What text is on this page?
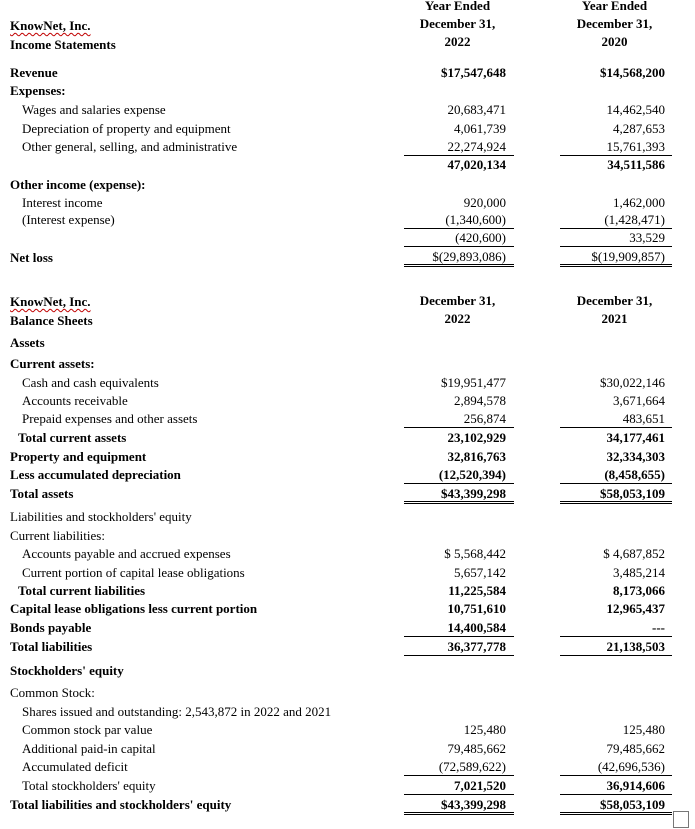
Year Ended
December 31,
2022
Year Ended
December 31,
2020
KnowNet, Inc.
Income Statements
Revenue	$17,547,648	$14,568,200
Expenses:
Wages and salaries expense	20,683,471	14,462,540
Depreciation of property and equipment	4,061,739	4,287,653
Other general, selling, and administrative	22,274,924	15,761,393
47,020,134	34,511,586
Other income (expense):
Interest income	920,000	1,462,000
(Interest expense)	(1,340,600)	(1,428,471)
(420,600)	33,529
Net loss	$(29,893,086)	$(19,909,857)
December 31,
2022
December 31,
2021
KnowNet, Inc.
Balance Sheets
Assets
Current assets:
Cash and cash equivalents	$19,951,477	$30,022,146
Accounts receivable	2,894,578	3,671,664
Prepaid expenses and other assets	256,874	483,651
Total current assets	23,102,929	34,177,461
Property and equipment	32,816,763	32,334,303
Less accumulated depreciation	(12,520,394)	(8,458,655)
Total assets	$43,399,298	$58,053,109
Liabilities and stockholders' equity
Current liabilities:
Accounts payable and accrued expenses	$ 5,568,442	$ 4,687,852
Current portion of capital lease obligations	5,657,142	3,485,214
Total current liabilities	11,225,584	8,173,066
Capital lease obligations less current portion	10,751,610	12,965,437
Bonds payable	14,400,584	---
Total liabilities	36,377,778	21,138,503
Stockholders' equity
Common Stock:
Shares issued and outstanding: 2,543,872 in 2022 and 2021
Common stock par value	125,480	125,480
Additional paid-in capital	79,485,662	79,485,662
Accumulated deficit	(72,589,622)	(42,696,536)
Total stockholders' equity	7,021,520	36,914,606
Total liabilities and stockholders' equity	$43,399,298	$58,053,109
